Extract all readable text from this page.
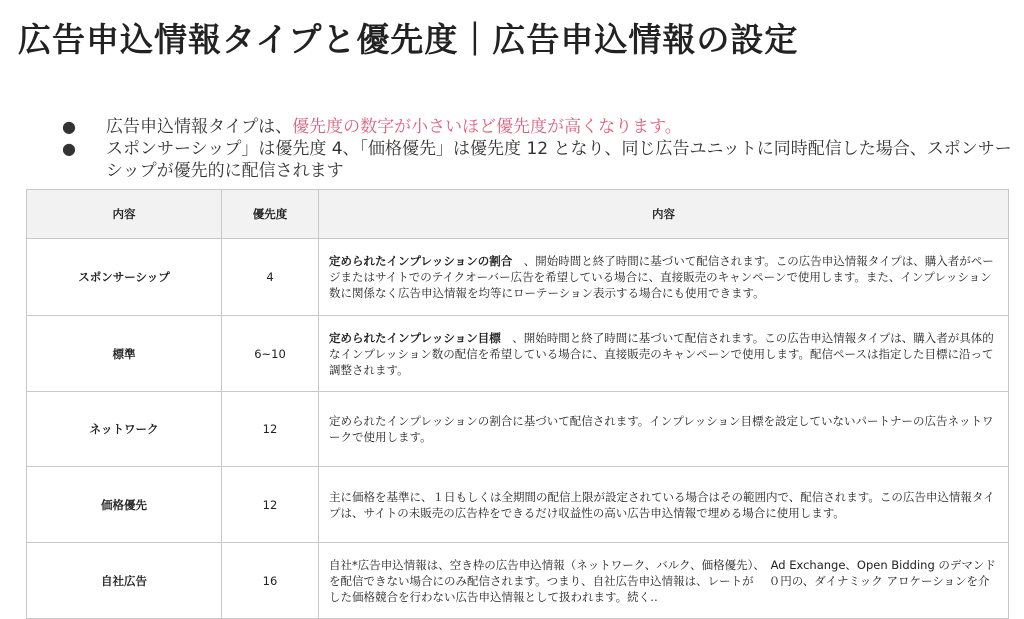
広告申込情報タイプと優先度｜広告申込情報の設定
● 広告申込情報タイプは、優先度の数字が小さいほど優先度が高くなります。
● スポンサーシップ」は優先度 4、「価格優先」は優先度 12 となり、同じ広告ユニットに同時配信した場合、スポンサーシップが優先的に配信されます
内容	優先度	内容
スポンサーシップ	4	定められたインプレッションの割合　、開始時間と終了時間に基づいて配信されます。この広告申込情報タイプは、購入者がページまたはサイトでのテイクオーバー広告を希望している場合に、直接販売のキャンペーンで使用します。また、インプレッション数に関係なく広告申込情報を均等にローテーション表示する場合にも使用できます。
標準	6~10	定められたインプレッション目標　、開始時間と終了時間に基づいて配信されます。この広告申込情報タイプは、購入者が具体的なインプレッション数の配信を希望している場合に、直接販売のキャンペーンで使用します。配信ペースは指定した目標に沿って調整されます。
ネットワーク	12	定められたインプレッションの割合に基づいて配信されます。インプレッション目標を設定していないパートナーの広告ネットワークで使用します。
価格優先	12	主に価格を基準に、１日もしくは全期間の配信上限が設定されている場合はその範囲内で、配信されます。この広告申込情報タイプは、サイトの未販売の広告枠をできるだけ収益性の高い広告申込情報で埋める場合に使用します。
自社広告	16	自社*広告申込情報は、空き枠の広告申込情報（ネットワーク、バルク、価格優先）、　Ad Exchange、Open Bidding のデマンドを配信できない場合にのみ配信されます。つまり、自社広告申込情報は、レートが　 ０円の、ダイナミック アロケーションを介した価格競合を行わない広告申込情報として扱われます。続く‥
